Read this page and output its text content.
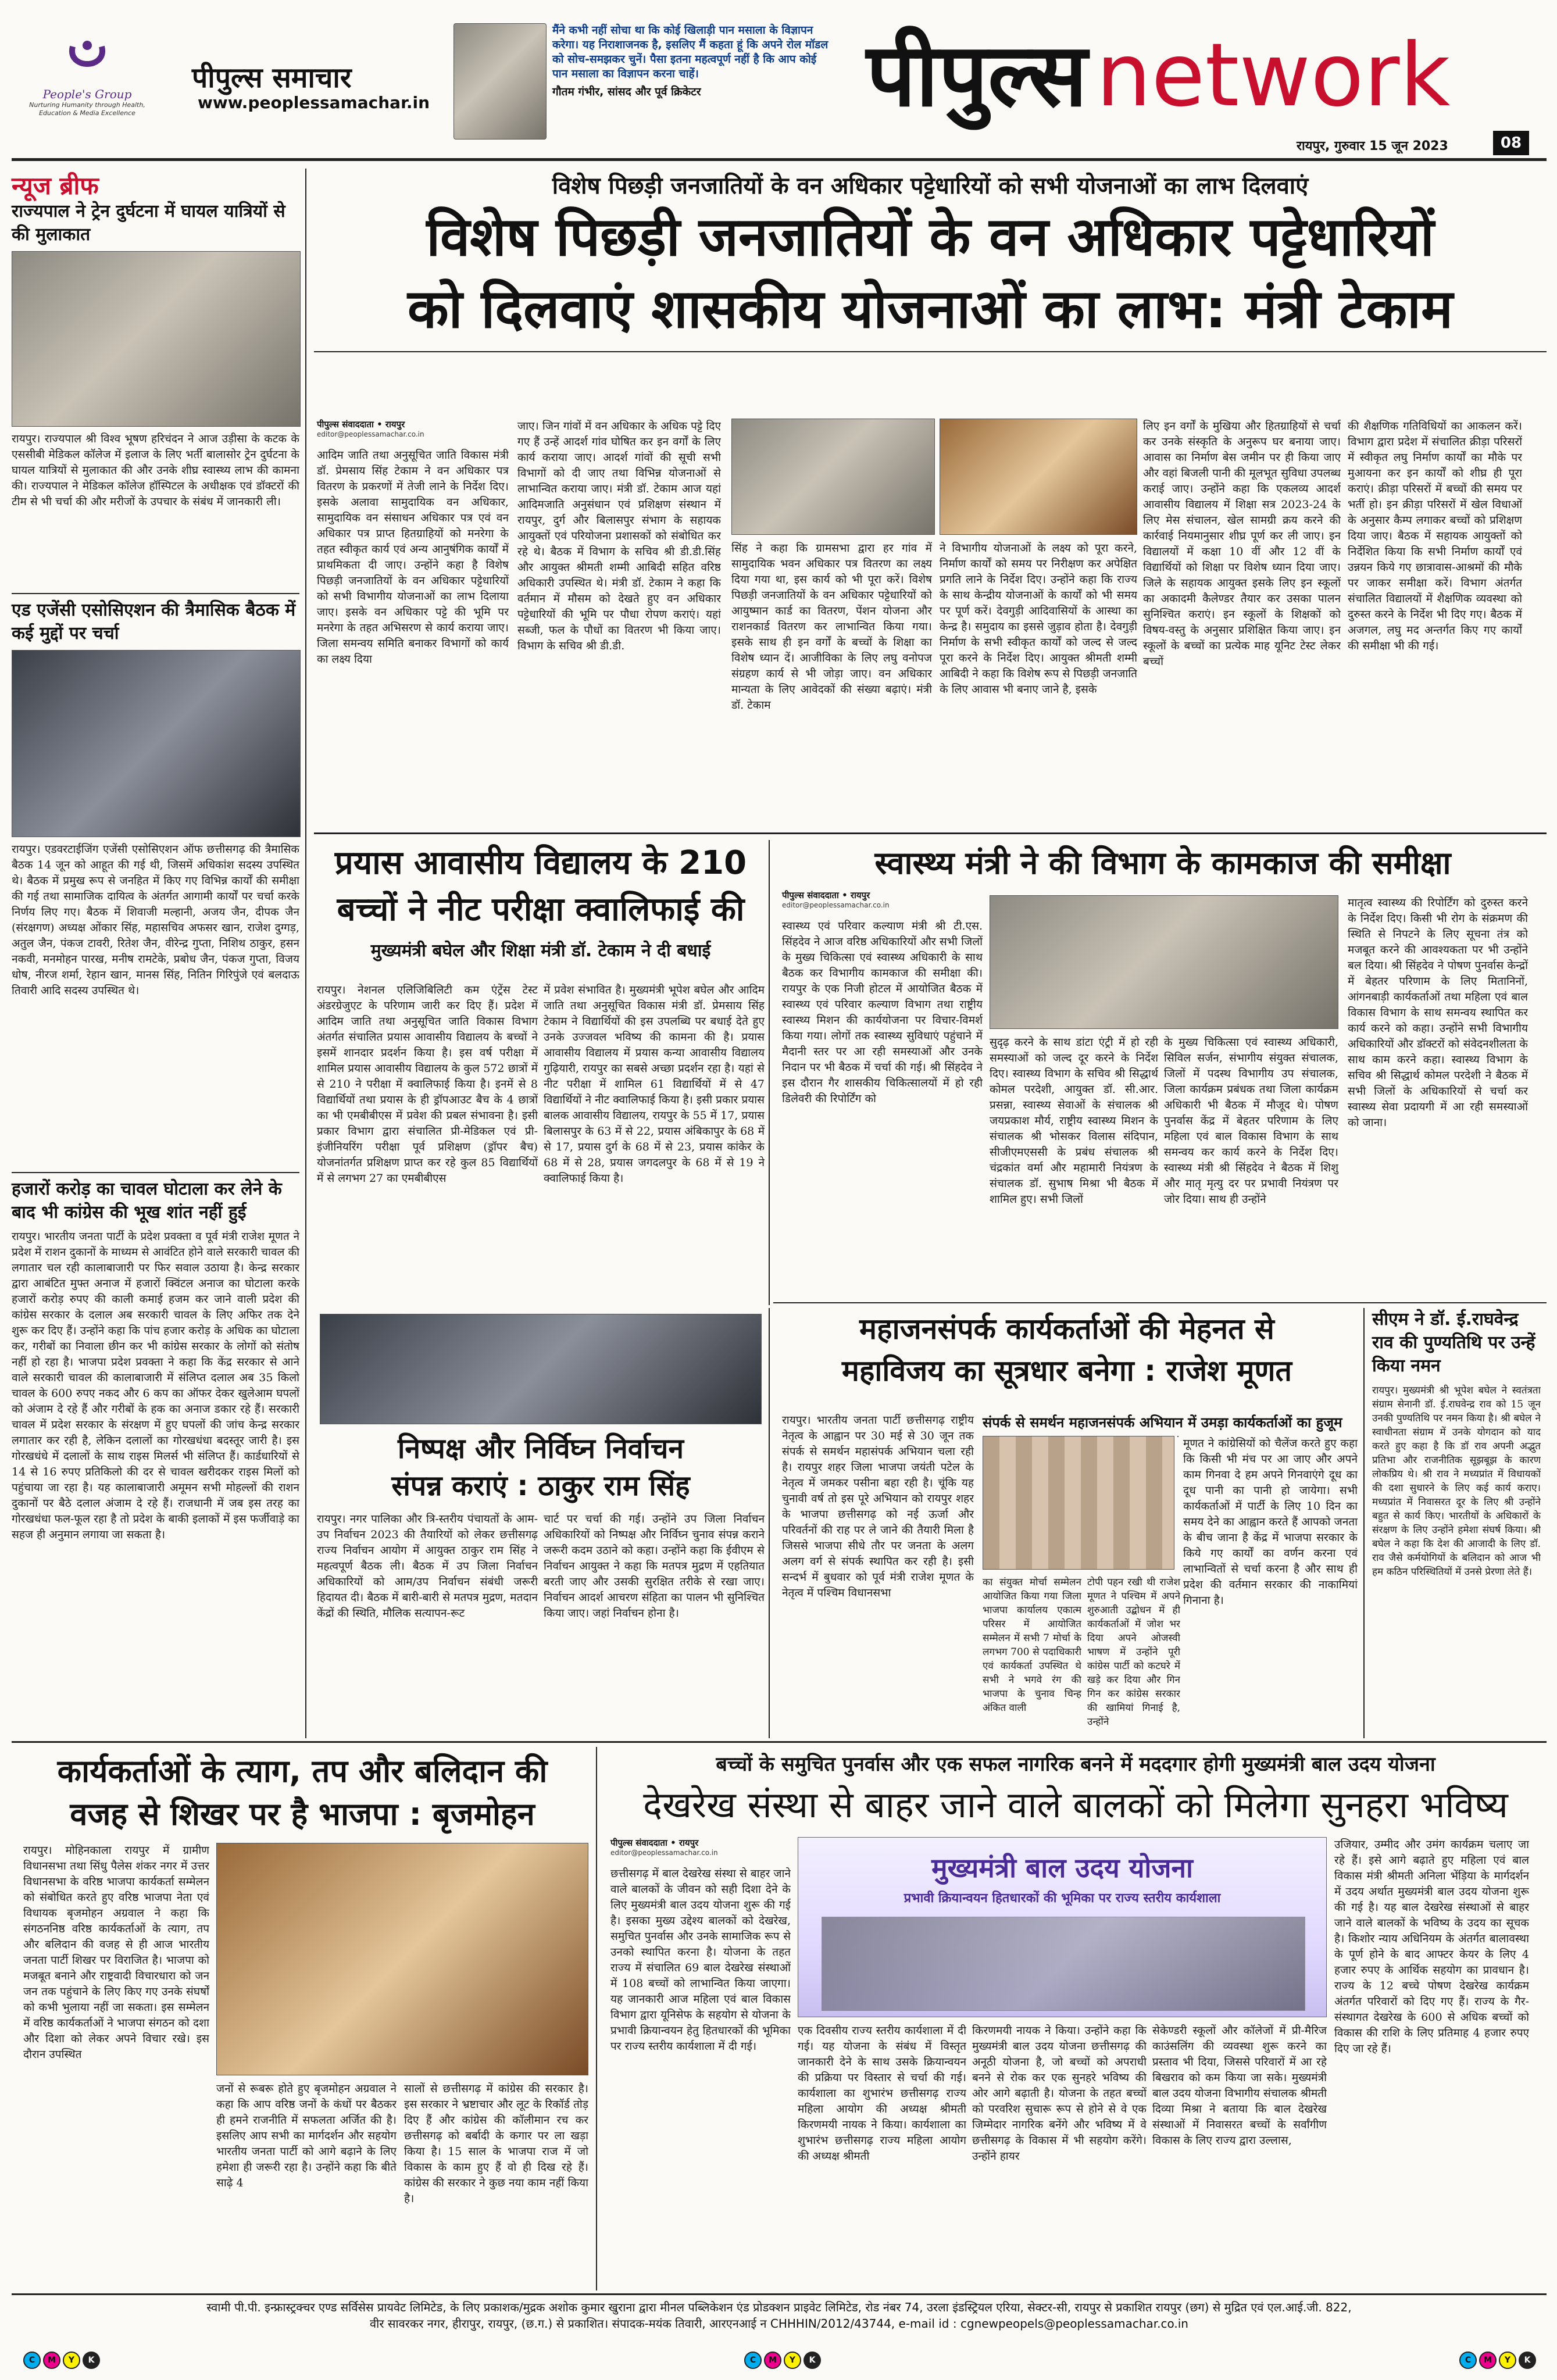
People's Group
Nurturing Humanity through Health, Education & Media Excellence
पीपुल्स समाचार
www.peoplessamachar.in
मैंने कभी नहीं सोचा था कि कोई खिलाड़ी पान मसाला के विज्ञापन करेगा। यह निराशाजनक है, इसलिए मैं कहता हूं कि अपने रोल मॉडल को सोच-समझकर चुनें। पैसा इतना महत्वपूर्ण नहीं है कि आप कोई पान मसाला का विज्ञापन करना चाहें।
गौतम गंभीर, सांसद और पूर्व क्रिकेटर	पीपुल्स network
रायपुर, गुरुवार 15 जून 2023	08
न्यूज ब्रीफ
राज्यपाल ने ट्रेन दुर्घटना में घायल यात्रियों से की मुलाकात
रायपुर। राज्यपाल श्री विश्व भूषण हरिचंदन ने आज उड़ीसा के कटक के एससीबी मेडिकल कॉलेज में इलाज के लिए भर्ती बालासोर ट्रेन दुर्घटना के घायल यात्रियों से मुलाकात की और उनके शीघ्र स्वास्थ्य लाभ की कामना की। राज्यपाल ने मेडिकल कॉलेज हॉस्पिटल के अधीक्षक एवं डॉक्टरों की टीम से भी चर्चा की और मरीजों के उपचार के संबंध में जानकारी ली।
एड एजेंसी एसोसिएशन की त्रैमासिक बैठक में कई मुद्दों पर चर्चा
रायपुर। एडवरटाईजिंग एजेंसी एसोसिएशन ऑफ छत्तीसगढ़ की त्रैमासिक बैठक 14 जून को आहूत की गई थी, जिसमें अधिकांश सदस्य उपस्थित थे। बैठक में प्रमुख रूप से जनहित में किए गए विभिन्न कार्यों की समीक्षा की गई तथा सामाजिक दायित्व के अंतर्गत आगामी कार्यों पर चर्चा करके निर्णय लिए गए। बैठक में शिवाजी मल्हानी, अजय जैन, दीपक जैन (संरक्षगण) अध्यक्ष ओंकार सिंह, महासचिव अफसर खान, राजेश दुग्गड़, अतुल जैन, पंकज टावरी, रितेश जैन, वीरेन्द्र गुप्ता, निशिथ ठाकुर, हसन नकवी, मनमोहन पारख, मनीष रामटेके, प्रबोध जैन, पंकज गुप्ता, विजय धोष, नीरज शर्मा, रेहान खान, मानस सिंह, नितिन गिरिपुंजे एवं बलदाऊ तिवारी आदि सदस्य उपस्थित थे।
हजारों करोड़ का चावल घोटाला कर लेने के बाद भी कांग्रेस की भूख शांत नहीं हुई
रायपुर। भारतीय जनता पार्टी के प्रदेश प्रवक्ता व पूर्व मंत्री राजेश मूणत ने प्रदेश में राशन दुकानों के माध्यम से आवंटित होने वाले सरकारी चावल की लगातार चल रही कालाबाजारी पर फिर सवाल उठाया है। केन्द्र सरकार द्वारा आबंटित मुफ्त अनाज में हजारों क्विंटल अनाज का घोटाला करके हजारों करोड़ रुपए की काली कमाई हजम कर जाने वाली प्रदेश की कांग्रेस सरकार के दलाल अब सरकारी चावल के लिए अफिर तक देने शुरू कर दिए हैं। उन्होंने कहा कि पांच हजार करोड़ के अधिक का घोटाला कर, गरीबों का निवाला छीन कर भी कांग्रेस सरकार के लोगों को संतोष नहीं हो रहा है। भाजपा प्रदेश प्रवक्ता ने कहा कि केंद्र सरकार से आने वाले सरकारी चावल की कालाबाजारी में संलिप्त दलाल अब 35 किलो चावल के 600 रुपए नकद और 6 कप का ऑफर देकर खुलेआम घपलों को अंजाम दे रहे हैं और गरीबों के हक का अनाज डकार रहे हैं। सरकारी चावल में प्रदेश सरकार के संरक्षण में हुए घपलों की जांच केन्द्र सरकार लगातार कर रही है, लेकिन दलालों का गोरखधंधा बदस्तूर जारी है। इस गोरखधंधे में दलालों के साथ राइस मिलर्स भी संलिप्त हैं। कार्डधारियों से 14 से 16 रुपए प्रतिकिलो की दर से चावल खरीदकर राइस मिलों को पहुंचाया जा रहा है। यह कालाबाजारी अमूमन सभी मोहल्लों की राशन दुकानों पर बैठे दलाल अंजाम दे रहे हैं। राजधानी में जब इस तरह का गोरखधंधा फल-फूल रहा है तो प्रदेश के बाकी इलाकों में इस फर्जीवाड़े का सहज ही अनुमान लगाया जा सकता है।
विशेष पिछड़ी जनजातियों के वन अधिकार पट्टेधारियों को सभी योजनाओं का लाभ दिलवाएं
विशेष पिछड़ी जनजातियों के वन अधिकार पट्टेधारियों
को दिलवाएं शासकीय योजनाओं का लाभ: मंत्री टेकाम
पीपुल्स संवाददाता • रायपुर
editor@peoplessamachar.co.in
आदिम जाति तथा अनुसूचित जाति विकास मंत्री डॉ. प्रेमसाय सिंह टेकाम ने वन अधिकार पत्र वितरण के प्रकरणों में तेजी लाने के निर्देश दिए। इसके अलावा सामुदायिक वन अधिकार, सामुदायिक वन संसाधन अधिकार पत्र एवं वन अधिकार पत्र प्राप्त हितग्राहियों को मनरेगा के तहत स्वीकृत कार्य एवं अन्य आनुषंगिक कार्यों में प्राथमिकता दी जाए। उन्होंने कहा है विशेष पिछड़ी जनजातियों के वन अधिकार पट्टेधारियों को सभी विभागीय योजनाओं का लाभ दिलाया जाए। इसके वन अधिकार पट्टे की भूमि पर मनरेगा के तहत अभिसरण से कार्य कराया जाए। जिला समन्वय समिति बनाकर विभागों को कार्य का लक्ष्य दिया
जाए। जिन गांवों में वन अधिकार के अधिक पट्टे दिए गए हैं उन्हें आदर्श गांव घोषित कर इन वर्गों के लिए कार्य कराया जाए। आदर्श गांवों की सूची सभी विभागों को दी जाए तथा विभिन्न योजनाओं से लाभान्वित कराया जाए। मंत्री डॉ. टेकाम आज यहां आदिमजाति अनुसंधान एवं प्रशिक्षण संस्थान में रायपुर, दुर्ग और बिलासपुर संभाग के सहायक आयुक्तों एवं परियोजना प्रशासकों को संबोधित कर रहे थे। बैठक में विभाग के सचिव श्री डी.डी.सिंह और आयुक्त श्रीमती शम्मी आबिदी सहित वरिष्ठ अधिकारी उपस्थित थे। मंत्री डॉ. टेकाम ने कहा कि वर्तमान में मौसम को देखते हुए वन अधिकार पट्टेधारियों की भूमि पर पौधा रोपण कराएं। यहां सब्जी, फल के पौधों का वितरण भी किया जाए। विभाग के सचिव श्री डी.डी.
सिंह ने कहा कि ग्रामसभा द्वारा हर गांव में सामुदायिक भवन अधिकार पत्र वितरण का लक्ष्य दिया गया था, इस कार्य को भी पूरा करें। विशेष पिछड़ी जनजातियों के वन अधिकार पट्टेधारियों को आयुष्मान कार्ड का वितरण, पेंशन योजना और राशनकार्ड वितरण कर लाभान्वित किया गया। इसके साथ ही इन वर्गों के बच्चों के शिक्षा का विशेष ध्यान दें। आजीविका के लिए लघु वनोपज संग्रहण कार्य से भी जोड़ा जाए। वन अधिकार मान्यता के लिए आवेदकों की संख्या बढ़ाएं। मंत्री डॉ. टेकाम
ने विभागीय योजनाओं के लक्ष्य को पूरा करने, निर्माण कार्यों को समय पर निरीक्षण कर अपेक्षित प्रगति लाने के निर्देश दिए। उन्होंने कहा कि राज्य के साथ केन्द्रीय योजनाओं के कार्यों को भी समय पर पूर्ण करें। देवगुड़ी आदिवासियों के आस्था का केन्द्र है। समुदाय का इससे जुड़ाव होता है। देवगुड़ी निर्माण के सभी स्वीकृत कार्यों को जल्द से जल्द पूरा करने के निर्देश दिए। आयुक्त श्रीमती शम्मी आबिदी ने कहा कि विशेष रूप से पिछड़ी जनजाति के लिए आवास भी बनाए जाने है, इसके
लिए इन वर्गों के मुखिया और हितग्राहियों से चर्चा कर उनके संस्कृति के अनुरूप घर बनाया जाए। आवास का निर्माण बेस जमीन पर ही किया जाए और वहां बिजली पानी की मूलभूत सुविधा उपलब्ध कराई जाए। उन्होंने कहा कि एकलव्य आदर्श आवासीय विद्यालय में शिक्षा सत्र 2023-24 के लिए मेस संचालन, खेल सामग्री क्रय करने की कार्रवाई नियमानुसार शीघ्र पूर्ण कर ली जाए। इन विद्यालयों में कक्षा 10 वीं और 12 वीं के विद्यार्थियों को शिक्षा पर विशेष ध्यान दिया जाए। जिले के सहायक आयुक्त इसके लिए इन स्कूलों का अकादमी कैलेण्डर तैयार कर उसका पालन सुनिश्चित कराएं। इन स्कूलों के शिक्षकों को विषय-वस्तु के अनुसार प्रशिक्षित किया जाए। इन स्कूलों के बच्चों का प्रत्येक माह यूनिट टेस्ट लेकर बच्चों
की शैक्षणिक गतिविधियों का आकलन करें। विभाग द्वारा प्रदेश में संचालित क्रीड़ा परिसरों में स्वीकृत लघु निर्माण कार्यों का मौके पर मुआयना कर इन कार्यों को शीघ्र ही पूरा कराएं। क्रीड़ा परिसरों में बच्चों की समय पर भर्ती हो। इन क्रीड़ा परिसरों में खेल विधाओं के अनुसार कैम्प लगाकर बच्चों को प्रशिक्षण दिया जाए। बैठक में सहायक आयुक्तों को निर्देशित किया कि सभी निर्माण कार्यों एवं उन्नयन किये गए छात्रावास-आश्रमों की मौके पर जाकर समीक्षा करें। विभाग अंतर्गत संचालित विद्यालयों में शैक्षणिक व्यवस्था को दुरुस्त करने के निर्देश भी दिए गए। बैठक में अजगल, लघु मद अन्तर्गत किए गए कार्यों की समीक्षा भी की गई।
प्रयास आवासीय विद्यालय के 210
बच्चों ने नीट परीक्षा क्वालिफाई की
मुख्यमंत्री बघेल और शिक्षा मंत्री डॉ. टेकाम ने दी बधाई
रायपुर। नेशनल एलिजिबिलिटी कम एंट्रेंस टेस्ट अंडरग्रेजुएट के परिणाम जारी कर दिए हैं। प्रदेश में आदिम जाति तथा अनुसूचित जाति विकास विभाग अंतर्गत संचालित प्रयास आवासीय विद्यालय के बच्चों ने इसमें शानदार प्रदर्शन किया है। इस वर्ष परीक्षा में शामिल प्रयास आवासीय विद्यालय के कुल 572 छात्रों में से 210 ने परीक्षा में क्वालिफाई किया है। इनमें से 8 विद्यार्थियों तथा प्रयास के ही ड्रॉपआउट बैच के 4 छात्रों का भी एमबीबीएस में प्रवेश की प्रबल संभावना है। इसी प्रकार विभाग द्वारा संचालित प्री-मेडिकल एवं प्री-इंजीनियरिंग परीक्षा पूर्व प्रशिक्षण (ड्रॉपर बैच) योजनांतर्गत प्रशिक्षण प्राप्त कर रहे कुल 85 विद्यार्थियों में से लगभग 27 का एमबीबीएस
में प्रवेश संभावित है। मुख्यमंत्री भूपेश बघेल और आदिम जाति तथा अनुसूचित विकास मंत्री डॉ. प्रेमसाय सिंह टेकाम ने विद्यार्थियों की इस उपलब्धि पर बधाई देते हुए उनके उज्जवल भविष्य की कामना की है। प्रयास आवासीय विद्यालय में प्रयास कन्या आवासीय विद्यालय गुढ़ियारी, रायपुर का सबसे अच्छा प्रदर्शन रहा है। यहां से नीट परीक्षा में शामिल 61 विद्यार्थियों में से 47 विद्यार्थियों ने नीट क्वालिफाई किया है। इसी प्रकार प्रयास बालक आवासीय विद्यालय, रायपुर के 55 में 17, प्रयास बिलासपुर के 63 में से 22, प्रयास अंबिकापुर के 68 में से 17, प्रयास दुर्ग के 68 में से 23, प्रयास कांकेर के 68 में से 28, प्रयास जगदलपुर के 68 में से 19 ने क्वालिफाई किया है।
स्वास्थ्य मंत्री ने की विभाग के कामकाज की समीक्षा
पीपुल्स संवाददाता • रायपुर
editor@peoplessamachar.co.in
स्वास्थ्य एवं परिवार कल्याण मंत्री श्री टी.एस. सिंहदेव ने आज वरिष्ठ अधिकारियों और सभी जिलों के मुख्य चिकित्सा एवं स्वास्थ्य अधिकारी के साथ बैठक कर विभागीय कामकाज की समीक्षा की। रायपुर के एक निजी होटल में आयोजित बैठक में स्वास्थ्य एवं परिवार कल्याण विभाग तथा राष्ट्रीय स्वास्थ्य मिशन की कार्ययोजना पर विचार-विमर्श किया गया। लोगों तक स्वास्थ्य सुविधाएं पहुंचाने में मैदानी स्तर पर आ रही समस्याओं और उनके निदान पर भी बैठक में चर्चा की गई। श्री सिंहदेव ने इस दौरान गैर शासकीय चिकित्सालयों में हो रही डिलेवरी की रिपोर्टिंग को
सुदृढ़ करने के साथ डांटा एंट्री में हो रही समस्याओं को जल्द दूर करने के निर्देश दिए। स्वास्थ्य विभाग के सचिव श्री सिद्धार्थ कोमल परदेशी, आयुक्त डॉ. सी.आर. प्रसन्ना, स्वास्थ्य सेवाओं के संचालक श्री जयप्रकाश मौर्य, राष्ट्रीय स्वास्थ्य मिशन के संचालक श्री भोसकर विलास संदिपान, सीजीएमएससी के प्रबंध संचालक श्री चंद्रकांत वर्मा और महामारी नियंत्रण के संचालक डॉ. सुभाष मिश्रा भी बैठक में शामिल हुए। सभी जिलों
के मुख्य चिकित्सा एवं स्वास्थ्य अधिकारी, सिविल सर्जन, संभागीय संयुक्त संचालक, जिलों में पदस्थ विभागीय उप संचालक, जिला कार्यक्रम प्रबंधक तथा जिला कार्यक्रम अधिकारी भी बैठक में मौजूद थे। पोषण पुनर्वास केंद्र में बेहतर परिणाम के लिए महिला एवं बाल विकास विभाग के साथ समन्वय कर कार्य करने के निर्देश दिए। स्वास्थ्य मंत्री श्री सिंहदेव ने बैठक में शिशु और मातृ मृत्यु दर पर प्रभावी नियंत्रण पर जोर दिया। साथ ही उन्होंने
मातृत्व स्वास्थ्य की रिपोर्टिंग को दुरुस्त करने के निर्देश दिए। किसी भी रोग के संक्रमण की स्थिति से निपटने के लिए सूचना तंत्र को मजबूत करने की आवश्यकता पर भी उन्होंने बल दिया। श्री सिंहदेव ने पोषण पुनर्वास केन्द्रों में बेहतर परिणाम के लिए मितानिनों, आंगनबाड़ी कार्यकर्ताओं तथा महिला एवं बाल विकास विभाग के साथ समन्वय स्थापित कर कार्य करने को कहा। उन्होंने सभी विभागीय अधिकारियों और डॉक्टरों को संवेदनशीलता के साथ काम करने कहा। स्वास्थ्य विभाग के सचिव श्री सिद्धार्थ कोमल परदेशी ने बैठक में सभी जिलों के अधिकारियों से चर्चा कर स्वास्थ्य सेवा प्रदायगी में आ रही समस्याओं को जाना।
निष्पक्ष और निर्विघ्न निर्वाचन
संपन्न कराएं : ठाकुर राम सिंह
रायपुर। नगर पालिका और त्रि-स्तरीय पंचायतों के आम-उप निर्वाचन 2023 की तैयारियों को लेकर छत्तीसगढ़ राज्य निर्वाचन आयोग में आयुक्त ठाकुर राम सिंह ने महत्वपूर्ण बैठक ली। बैठक में उप जिला निर्वाचन अधिकारियों को आम/उप निर्वाचन संबंधी जरूरी हिदायत दी। बैठक में बारी-बारी से मतपत्र मुद्रण, मतदान केंद्रों की स्थिति, मौलिक सत्यापन-रूट
चार्ट पर चर्चा की गई। उन्होंने उप जिला निर्वाचन अधिकारियों को निष्पक्ष और निर्विघ्न चुनाव संपन्न कराने जरूरी कदम उठाने को कहा। उन्होंने कहा कि ईवीएम से निर्वाचन आयुक्त ने कहा कि मतपत्र मुद्रण में एहतियात बरती जाए और उसकी सुरक्षित तरीके से रखा जाए। निर्वाचन आदर्श आचरण संहिता का पालन भी सुनिश्चित किया जाए। जहां निर्वाचन होना है।
महाजनसंपर्क कार्यकर्ताओं की मेहनत से
महाविजय का सूत्रधार बनेगा : राजेश मूणत
रायपुर। भारतीय जनता पार्टी छत्तीसगढ़ राष्ट्रीय नेतृत्व के आह्वान पर 30 मई से 30 जून तक संपर्क से समर्थन महासंपर्क अभियान चला रही है। रायपुर शहर जिला भाजपा जयंती पटेल के नेतृत्व में जमकर पसीना बहा रही है। चूंकि यह चुनावी वर्ष तो इस पूरे अभियान को रायपुर शहर के भाजपा छत्तीसगढ़ को नई ऊर्जा और परिवर्तनों की राह पर ले जाने की तैयारी मिला है जिससे भाजपा सीधे तौर पर जनता के अलग अलग वर्ग से संपर्क स्थापित कर रही है। इसी सन्दर्भ में बुधवार को पूर्व मंत्री राजेश मूणत के नेतृत्व में पश्चिम विधानसभा
संपर्क से समर्थन महाजनसंपर्क अभियान में उमड़ा कार्यकर्ताओं का हुजूम
का संयुक्त मोर्चा सम्मेलन आयोजित किया गया जिला भाजपा कार्यालय एकात्म परिसर में आयोजित सम्मेलन में सभी 7 मोर्चा के लगभग 700 से पदाधिकारी एवं कार्यकर्ता उपस्थित थे सभी ने भगवे रंग की भाजपा के चुनाव चिन्ह अंकित वाली
टोपी पहन रखी थी राजेश मूणत ने पश्चिम में अपने शुरुआती उद्बोधन में ही कार्यकर्ताओं में जोश भर दिया अपने ओजस्वी भाषण में उन्होंने पूरी कांग्रेस पार्टी को कटघरे में खड़े कर दिया और गिन गिन कर कांग्रेस सरकार की खामियां गिनाई है, उन्होंने
मूणत ने कांग्रेसियों को चैलेंज करते हुए कहा कि किसी भी मंच पर आ जाए और अपने काम गिनवा दे हम अपने गिनवाएंगे दूध का दूध पानी का पानी हो जायेगा। सभी कार्यकर्ताओं में पार्टी के लिए 10 दिन का समय देने का आह्वान करते हैं आपको जनता के बीच जाना है केंद्र में भाजपा सरकार के किये गए कार्यों का वर्णन करना एवं लाभान्वितों से चर्चा करना है और साथ ही प्रदेश की वर्तमान सरकार की नाकामियां गिनाना है।
सीएम ने डॉ. ई.राघवेन्द्र राव की पुण्यतिथि पर उन्हें किया नमन
रायपुर। मुख्यमंत्री श्री भूपेश बघेल ने स्वतंत्रता संग्राम सेनानी डॉ. ई.राघवेन्द्र राव को 15 जून उनकी पुण्यतिथि पर नमन किया है। श्री बघेल ने स्वाधीनता संग्राम में उनके योगदान को याद करते हुए कहा है कि डॉ राव अपनी अद्भुत प्रतिभा और राजनीतिक सूझबूझ के कारण लोकप्रिय थे। श्री राव ने मध्यप्रांत में विधायकों की दशा सुधारने के लिए कई कार्य कराए। मध्यप्रांत में निवासरत दूर के लिए श्री उन्होंने बहुत से कार्य किए। भारतीयों के अधिकारों के संरक्षण के लिए उन्होंने हमेशा संघर्ष किया। श्री बघेल ने कहा कि देश की आजादी के लिए डॉ. राव जैसे कर्मयोगियों के बलिदान को आज भी हम कठिन परिस्थितियों में उनसे प्रेरणा लेते हैं।
कार्यकर्ताओं के त्याग, तप और बलिदान की
वजह से शिखर पर है भाजपा : बृजमोहन
रायपुर। मोहिनकाला रायपुर में ग्रामीण विधानसभा तथा सिंधु पैलेस शंकर नगर में उत्तर विधानसभा के वरिष्ठ भाजपा कार्यकर्ता सम्मेलन को संबोधित करते हुए वरिष्ठ भाजपा नेता एवं विधायक बृजमोहन अग्रवाल ने कहा कि संगठननिष्ठ वरिष्ठ कार्यकर्ताओं के त्याग, तप और बलिदान की वजह से ही आज भारतीय जनता पार्टी शिखर पर विराजित है। भाजपा को मजबूत बनाने और राष्ट्रवादी विचारधारा को जन जन तक पहुंचाने के लिए किए गए उनके संघर्षों को कभी भुलाया नहीं जा सकता। इस सम्मेलन में वरिष्ठ कार्यकर्ताओं ने भाजपा संगठन को दशा और दिशा को लेकर अपने विचार रखे। इस दौरान उपस्थित
जनों से रूबरू होते हुए बृजमोहन अग्रवाल ने कहा कि आप वरिष्ठ जनों के कंधों पर बैठकर ही हमने राजनीति में सफलता अर्जित की है। इसलिए आप सभी का मार्गदर्शन और सहयोग भारतीय जनता पार्टी को आगे बढ़ाने के लिए हमेशा ही जरूरी रहा है। उन्होंने कहा कि बीते साढ़े 4
सालों से छत्तीसगढ़ में कांग्रेस की सरकार है। इस सरकार ने भ्रष्टाचार और लूट के रिकॉर्ड तोड़ दिए हैं और कांग्रेस की कॉलीमान रच कर छत्तीसगढ़ को बर्बादी के कगार पर ला खड़ा किया है। 15 साल के भाजपा राज में जो विकास के काम हुए हैं वो ही दिख रहे हैं। कांग्रेस की सरकार ने कुछ नया काम नहीं किया है।
बच्चों के समुचित पुनर्वास और एक सफल नागरिक बनने में मददगार होगी मुख्यमंत्री बाल उदय योजना
देखरेख संस्था से बाहर जाने वाले बालकों को मिलेगा सुनहरा भविष्य
पीपुल्स संवाददाता • रायपुर
editor@peoplessamachar.co.in
छत्तीसगढ़ में बाल देखरेख संस्था से बाहर जाने वाले बालकों के जीवन को सही दिशा देने के लिए मुख्यमंत्री बाल उदय योजना शुरू की गई है। इसका मुख्य उद्देश्य बालकों को देखरेख, समुचित पुनर्वास और उनके सामाजिक रूप से उनको स्थापित करना है। योजना के तहत राज्य में संचालित 69 बाल देखरेख संस्थाओं में 108 बच्चों को लाभान्वित किया जाएगा। यह जानकारी आज महिला एवं बाल विकास विभाग द्वारा यूनिसेफ के सहयोग से योजना के प्रभावी क्रियान्वयन हेतु हितधारकों की भूमिका पर राज्य स्तरीय कार्यशाला में दी गई।
मुख्यमंत्री बाल उदय योजना
प्रभावी क्रियान्वयन हितधारकों की भूमिका पर राज्य स्तरीय कार्यशाला
एक दिवसीय राज्य स्तरीय कार्यशाला में दी गई। यह योजना के संबंध में विस्तृत जानकारी देने के साथ उसके क्रियान्वयन की प्रक्रिया पर विस्तार से चर्चा की गई। कार्यशाला का शुभारंभ छत्तीसगढ़ राज्य महिला आयोग की अध्यक्ष श्रीमती किरणमयी नायक ने किया। कार्यशाला का शुभारंभ छत्तीसगढ़ राज्य महिला आयोग की अध्यक्ष श्रीमती
किरणमयी नायक ने किया। उन्होंने कहा कि मुख्यमंत्री बाल उदय योजना छत्तीसगढ़ की अनूठी योजना है, जो बच्चों को अपराधी बनने से रोक कर एक सुनहरे भविष्य की ओर आगे बढ़ाती है। योजना के तहत बच्चों को परवरिश सुचारू रूप से होने से वे एक जिम्मेदार नागरिक बनेंगे और भविष्य में वे छत्तीसगढ़ के विकास में भी सहयोग करेंगे। उन्होंने हायर
सेकेण्डरी स्कूलों और कॉलेजों में प्री-मैरिज काउंसलिंग की व्यवस्था शुरू करने का प्रस्ताव भी दिया, जिससे परिवारों में आ रहे बिखराव को कम किया जा सके। मुख्यमंत्री बाल उदय योजना विभागीय संचालक श्रीमती दिव्या मिश्रा ने बताया कि बाल देखरेख संस्थाओं में निवासरत बच्चों के सर्वांगीण विकास के लिए राज्य द्वारा उल्लास,
उजियार, उम्मीद और उमंग कार्यक्रम चलाए जा रहे हैं। इसे आगे बढ़ाते हुए महिला एवं बाल विकास मंत्री श्रीमती अनिला भेंड़िया के मार्गदर्शन में उदय अर्थात मुख्यमंत्री बाल उदय योजना शुरू की गई है। यह बाल देखरेख संस्थाओं से बाहर जाने वाले बालकों के भविष्य के उदय का सूचक है। किशोर न्याय अधिनियम के अंतर्गत बालावस्था के पूर्ण होने के बाद आफ्टर केयर के लिए 4 हजार रुपए के आर्थिक सहयोग का प्रावधान है। राज्य के 12 बच्चे पोषण देखरेख कार्यक्रम अंतर्गत परिवारों को दिए गए हैं। राज्य के गैर-संस्थागत देखरेख के 600 से अधिक बच्चों को विकास की राशि के लिए प्रतिमाह 4 हजार रुपए दिए जा रहे हैं।
स्वामी पी.पी. इन्फ्रास्ट्रक्चर एण्ड सर्विसेस प्रायवेट लिमिटेड, के लिए प्रकाशक/मुद्रक अशोक कुमार खुराना द्वारा मीनल पब्लिकेशन एंड प्रोडक्शन प्राइवेट लिमिटेड, रोड नंबर 74, उरला इंडस्ट्रियल एरिया, सेक्टर-सी, रायपुर से प्रकाशित रायपुर (छग) से मुद्रित एवं एल.आई.जी. 822,
वीर सावरकर नगर, हीरापुर, रायपुर, (छ.ग.) से प्रकाशित। संपादक-मयंक तिवारी, आरएनआई न CHHHIN/2012/43744, e-mail id : cgnewpeopels@peoplessamachar.co.in
C	M	Y	K	C	M	Y	K	C	M	Y	K
